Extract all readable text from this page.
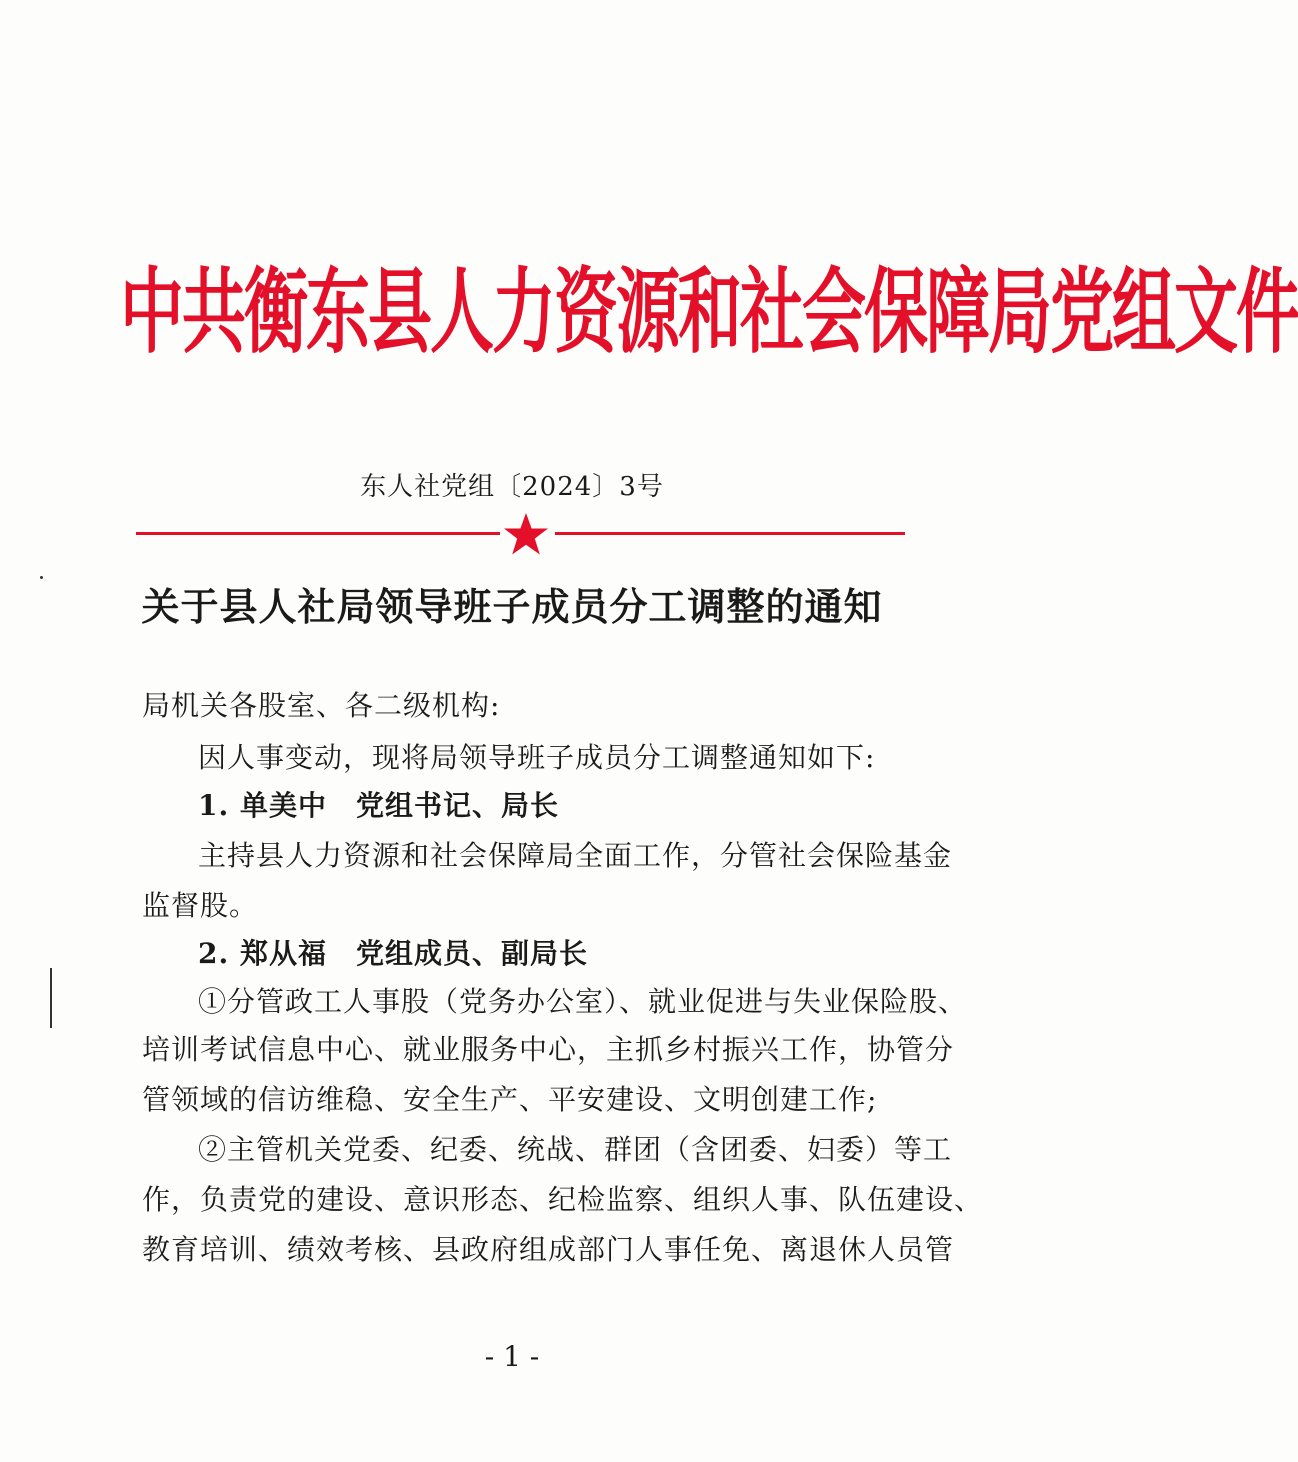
中共衡东县人力资源和社会保障局党组文件
东人社党组〔2024〕3号
关于县人社局领导班子成员分工调整的通知
局机关各股室、各二级机构:
因人事变动，现将局领导班子成员分工调整通知如下:
1. 单美中　党组书记、局长
主持县人力资源和社会保障局全面工作，分管社会保险基金
监督股。
2. 郑从福　党组成员、副局长
①分管政工人事股（党务办公室）、就业促进与失业保险股、
培训考试信息中心、就业服务中心，主抓乡村振兴工作，协管分
管领域的信访维稳、安全生产、平安建设、文明创建工作;
②主管机关党委、纪委、统战、群团（含团委、妇委）等工
作，负责党的建设、意识形态、纪检监察、组织人事、队伍建设、
教育培训、绩效考核、县政府组成部门人事任免、离退休人员管
- 1 -
